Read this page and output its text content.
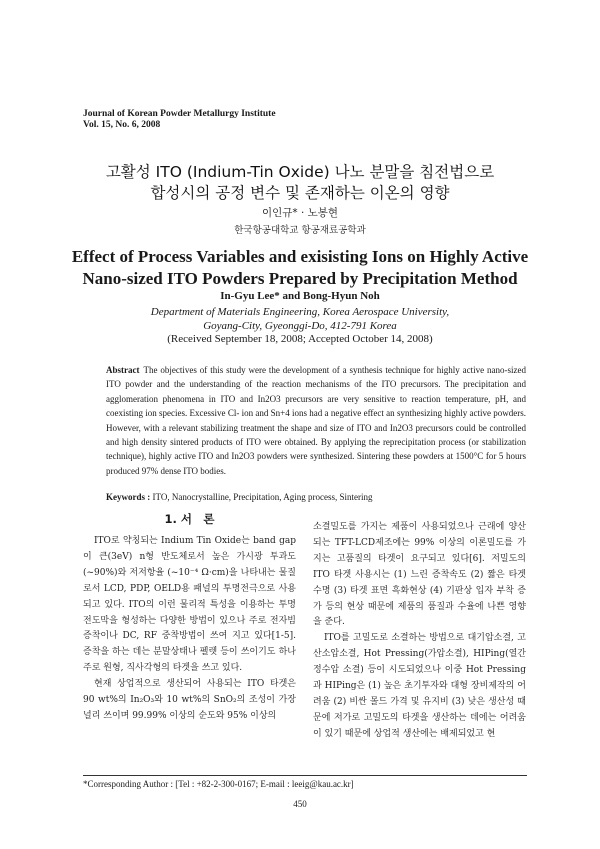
Journal of Korean Powder Metallurgy Institute
Vol. 15, No. 6, 2008
고활성 ITO (Indium-Tin Oxide) 나노 분말을 침전법으로
합성시의 공정 변수 및 존재하는 이온의 영향
이인규* · 노봉현
한국항공대학교 항공재료공학과
Effect of Process Variables and exisisting Ions on Highly Active
Nano-sized ITO Powders Prepared by Precipitation Method
In-Gyu Lee* and Bong-Hyun Noh
Department of Materials Engineering, Korea Aerospace University,
Goyang-City, Gyeonggi-Do, 412-791 Korea
(Received September 18, 2008; Accepted October 14, 2008)
Abstract The objectives of this study were the development of a synthesis technique for highly active nano-sized ITO powder and the understanding of the reaction mechanisms of the ITO precursors. The precipitation and agglomeration phenomena in ITO and In2O3 precursors are very sensitive to reaction temperature, pH, and coexisting ion species. Excessive Cl- ion and Sn+4 ions had a negative effect an synthesizing highly active powders. However, with a relevant stabilizing treatment the shape and size of ITO and In2O3 precursors could be controlled and high density sintered products of ITO were obtained. By applying the reprecipitation process (or stabilization technique), highly active ITO and In2O3 powders were synthesized. Sintering these powders at 1500°C for 5 hours produced 97% dense ITO bodies.
Keywords : ITO, Nanocrystalline, Precipitation, Aging process, Sintering
1. 서　론

ITO로 약칭되는 Indium Tin Oxide는 band gap 이 큰(3eV) n형 반도체로서 높은 가시광 투과도 (~90%)와 저저항율 (~10⁻⁴ Ω·cm)을 나타내는 물질로서 LCD, PDP, OELD용 패널의 투명전극으로 사용되고 있다. ITO의 이런 물리적 특성을 이용하는 투명전도막을 형성하는 다양한 방법이 있으나 주로 전자빔 증착이나 DC, RF 중착방법이 쓰여 지고 있다[1-5]. 증착을 하는 데는 분말상태나 펠렛 등이 쓰이기도 하나 주로 원형, 직사각형의 타겟을 쓰고 있다.

현재 상업적으로 생산되어 사용되는 ITO 타겟은 90 wt%의 In₂O₃와 10 wt%의 SnO₂의 조성이 가장 널리 쓰이며 99.99% 이상의 순도와 95% 이상의

소결밀도를 가지는 제품이 사용되었으나 근래에 양산되는 TFT-LCD제조에는 99% 이상의 이론밀도를 가지는 고품질의 타겟이 요구되고 있다[6]. 저밀도의 ITO 타겟 사용시는 (1) 느린 증착속도 (2) 짧은 타겟 수명 (3) 타겟 표면 흑화현상 (4) 기판상 입자 부착 증가 등의 현상 때문에 제품의 품질과 수율에 나쁜 영향을 준다.

ITO를 고밀도로 소결하는 방법으로 대기압소결, 고산소압소결, Hot Pressing(가압소결), HIPing(열간정수압 소결) 등이 시도되었으나 이중 Hot Pressing과 HIPing은 (1) 높은 초기투자와 대형 장비제작의 어려움 (2) 비싼 몰드 가격 및 유지비 (3) 낮은 생산성 때문에 저가로 고밀도의 타겟을 생산하는 데에는 어려움이 있기 때문에 상업적 생산에는 배제되었고 현

*Corresponding Author : [Tel : +82-2-300-0167; E-mail : leeig@kau.ac.kr]
450
